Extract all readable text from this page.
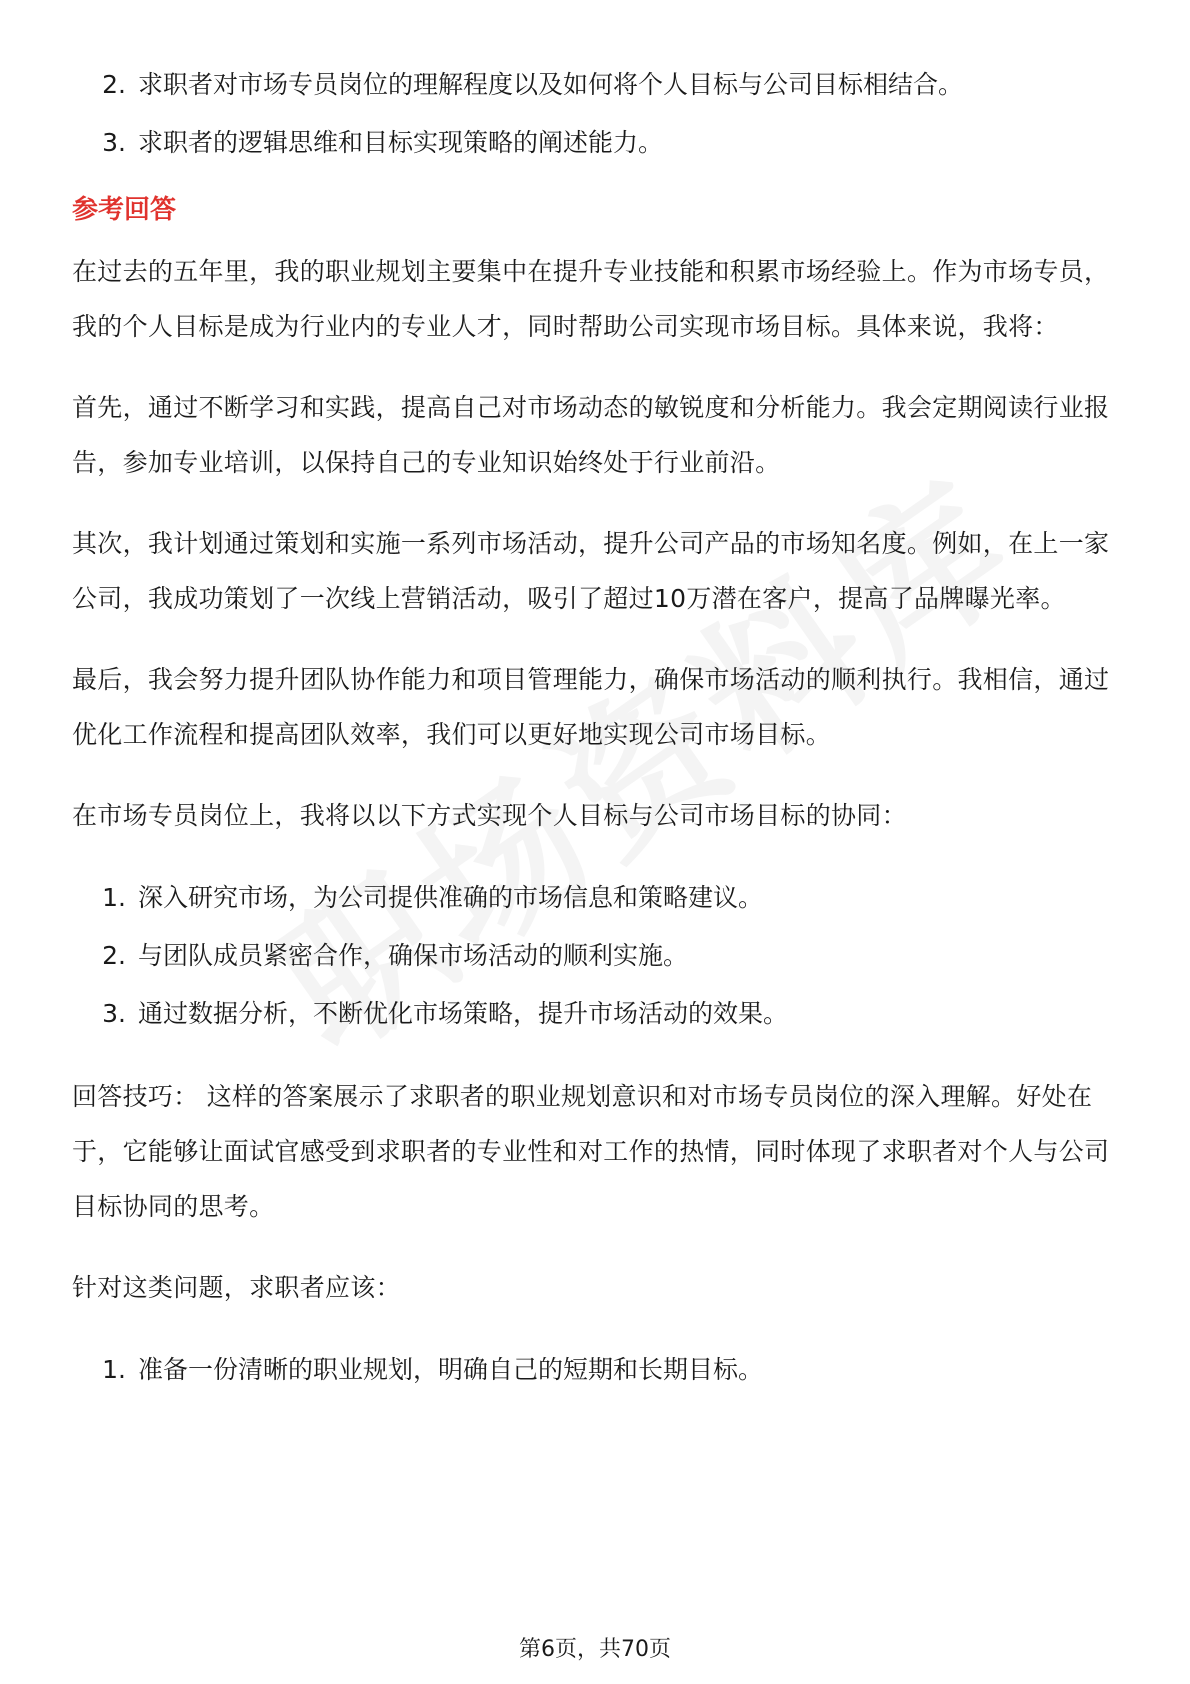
2. 求职者对市场专员岗位的理解程度以及如何将个人目标与公司目标相结合。
3. 求职者的逻辑思维和目标实现策略的阐述能力。
参考回答

在过去的五年里，我的职业规划主要集中在提升专业技能和积累市场经验上。作为市场专员，我的个人目标是成为行业内的专业人才，同时帮助公司实现市场目标。具体来说，我将：

首先，通过不断学习和实践，提高自己对市场动态的敏锐度和分析能力。我会定期阅读行业报告，参加专业培训，以保持自己的专业知识始终处于行业前沿。

其次，我计划通过策划和实施一系列市场活动，提升公司产品的市场知名度。例如，在上一家公司，我成功策划了一次线上营销活动，吸引了超过10万潜在客户，提高了品牌曝光率。

最后，我会努力提升团队协作能力和项目管理能力，确保市场活动的顺利执行。我相信，通过优化工作流程和提高团队效率，我们可以更好地实现公司市场目标。

在市场专员岗位上，我将以以下方式实现个人目标与公司市场目标的协同：

1. 深入研究市场，为公司提供准确的市场信息和策略建议。
2. 与团队成员紧密合作，确保市场活动的顺利实施。
3. 通过数据分析，不断优化市场策略，提升市场活动的效果。

回答技巧： 这样的答案展示了求职者的职业规划意识和对市场专员岗位的深入理解。好处在于，它能够让面试官感受到求职者的专业性和对工作的热情，同时体现了求职者对个人与公司目标协同的思考。

针对这类问题，求职者应该：

1. 准备一份清晰的职业规划，明确自己的短期和长期目标。
第6页，共70页
